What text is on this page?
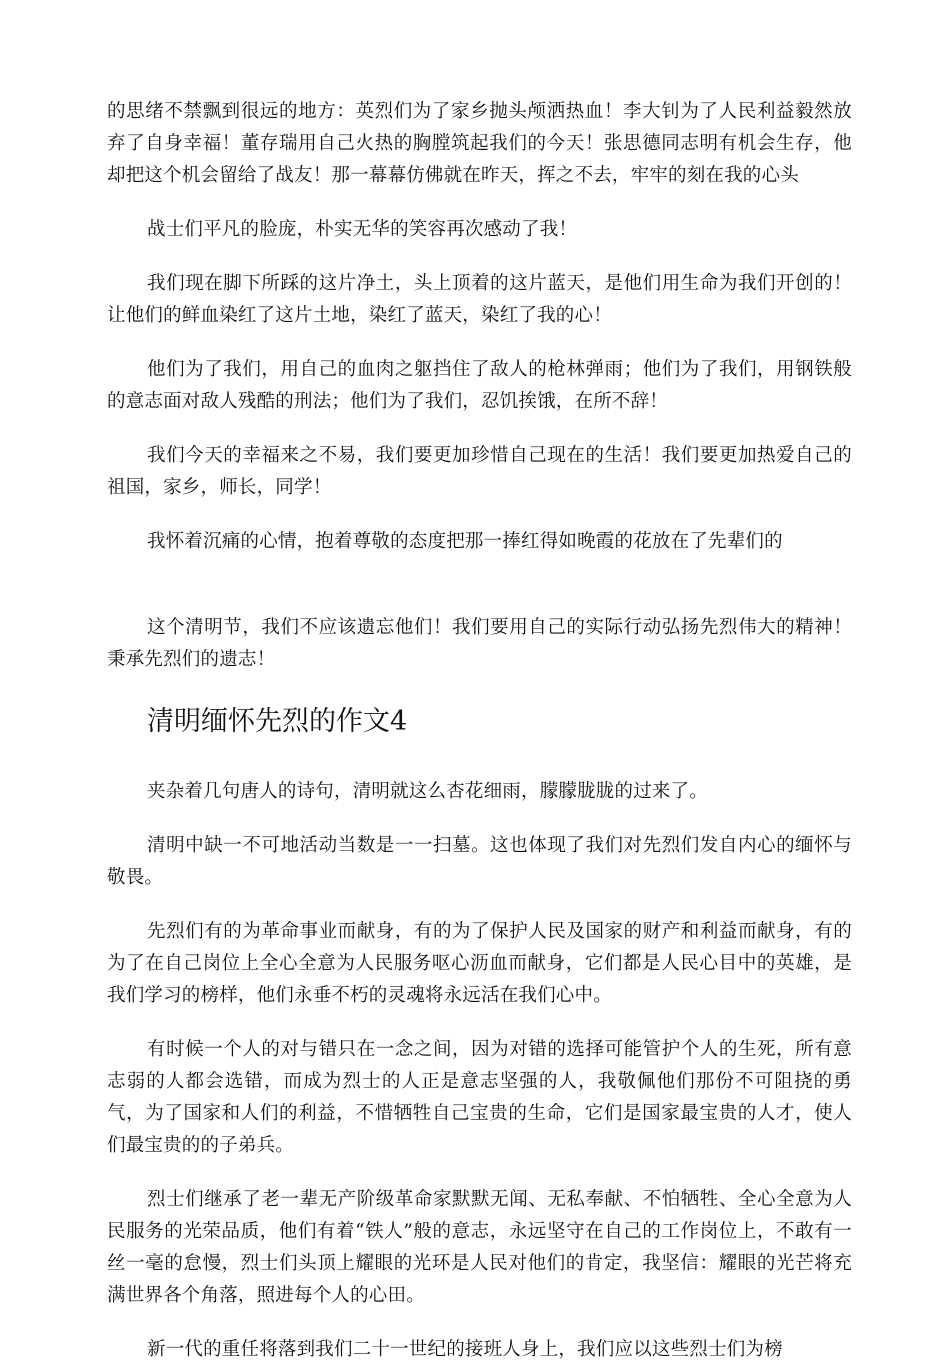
的思绪不禁飘到很远的地方：英烈们为了家乡抛头颅洒热血！李大钊为了人民利益毅然放弃了自身幸福！董存瑞用自己火热的胸膛筑起我们的今天！张思德同志明有机会生存，他却把这个机会留给了战友！那一幕幕仿佛就在昨天，挥之不去，牢牢的刻在我的心头

战士们平凡的脸庞，朴实无华的笑容再次感动了我！

我们现在脚下所踩的这片净土，头上顶着的这片蓝天，是他们用生命为我们开创的！让他们的鲜血染红了这片土地，染红了蓝天，染红了我的心！

他们为了我们，用自己的血肉之躯挡住了敌人的枪林弹雨；他们为了我们，用钢铁般的意志面对敌人残酷的刑法；他们为了我们，忍饥挨饿，在所不辞！

我们今天的幸福来之不易，我们要更加珍惜自己现在的生活！我们要更加热爱自己的祖国，家乡，师长，同学！

我怀着沉痛的心情，抱着尊敬的态度把那一捧红得如晚霞的花放在了先辈们的

这个清明节，我们不应该遗忘他们！我们要用自己的实际行动弘扬先烈伟大的精神！秉承先烈们的遗志！

清明缅怀先烈的作文4

夹杂着几句唐人的诗句，清明就这么杏花细雨，朦朦胧胧的过来了。

清明中缺一不可地活动当数是一一扫墓。这也体现了我们对先烈们发自内心的缅怀与敬畏。

先烈们有的为革命事业而献身，有的为了保护人民及国家的财产和利益而献身，有的为了在自己岗位上全心全意为人民服务呕心沥血而献身，它们都是人民心目中的英雄，是我们学习的榜样，他们永垂不朽的灵魂将永远活在我们心中。

有时候一个人的对与错只在一念之间，因为对错的选择可能管护个人的生死，所有意志弱的人都会选错，而成为烈士的人正是意志坚强的人，我敬佩他们那份不可阻挠的勇气，为了国家和人们的利益，不惜牺牲自己宝贵的生命，它们是国家最宝贵的人才，使人们最宝贵的的子弟兵。

烈士们继承了老一辈无产阶级革命家默默无闻、无私奉献、不怕牺牲、全心全意为人民服务的光荣品质，他们有着“铁人”般的意志，永远坚守在自己的工作岗位上，不敢有一丝一毫的怠慢，烈士们头顶上耀眼的光环是人民对他们的肯定，我坚信：耀眼的光芒将充满世界各个角落，照进每个人的心田。

新一代的重任将落到我们二十一世纪的接班人身上，我们应以这些烈士们为榜
